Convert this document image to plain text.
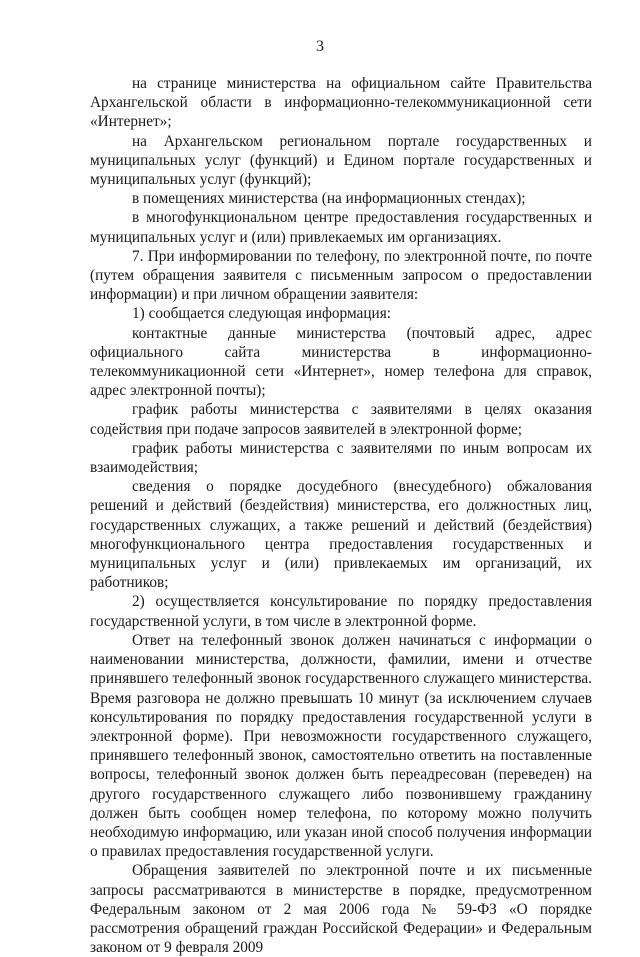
3

на странице министерства на официальном сайте Правительства Архангельской области в информационно-телекоммуникационной сети «Интернет»;

на Архангельском региональном портале государственных и муниципальных услуг (функций) и Едином портале государственных и муниципальных услуг (функций);

в помещениях министерства (на информационных стендах);

в многофункциональном центре предоставления государственных и муниципальных услуг и (или) привлекаемых им организациях.

7. При информировании по телефону, по электронной почте, по почте (путем обращения заявителя с письменным запросом о предоставлении информации) и при личном обращении заявителя:

1) сообщается следующая информация:

контактные данные министерства (почтовый адрес, адрес официального сайта министерства в информационно-телекоммуникационной сети «Интернет», номер телефона для справок, адрес электронной почты);

график работы министерства с заявителями в целях оказания содействия при подаче запросов заявителей в электронной форме;

график работы министерства с заявителями по иным вопросам их взаимодействия;

сведения о порядке досудебного (внесудебного) обжалования решений и действий (бездействия) министерства, его должностных лиц, государственных служащих, а также решений и действий (бездействия) многофункционального центра предоставления государственных и муниципальных услуг и (или) привлекаемых им организаций, их работников;

2) осуществляется консультирование по порядку предоставления государственной услуги, в том числе в электронной форме.

Ответ на телефонный звонок должен начинаться с информации о наименовании министерства, должности, фамилии, имени и отчестве принявшего телефонный звонок государственного служащего министерства. Время разговора не должно превышать 10 минут (за исключением случаев консультирования по порядку предоставления государственной услуги в электронной форме). При невозможности государственного служащего, принявшего телефонный звонок, самостоятельно ответить на поставленные вопросы, телефонный звонок должен быть переадресован (переведен) на другого государственного служащего либо позвонившему гражданину должен быть сообщен номер телефона, по которому можно получить необходимую информацию, или указан иной способ получения информации о правилах предоставления государственной услуги.

Обращения заявителей по электронной почте и их письменные запросы рассматриваются в министерстве в порядке, предусмотренном Федеральным законом от 2 мая 2006 года № 59-ФЗ «О порядке рассмотрения обращений граждан Российской Федерации» и Федеральным законом от 9 февраля 2009
